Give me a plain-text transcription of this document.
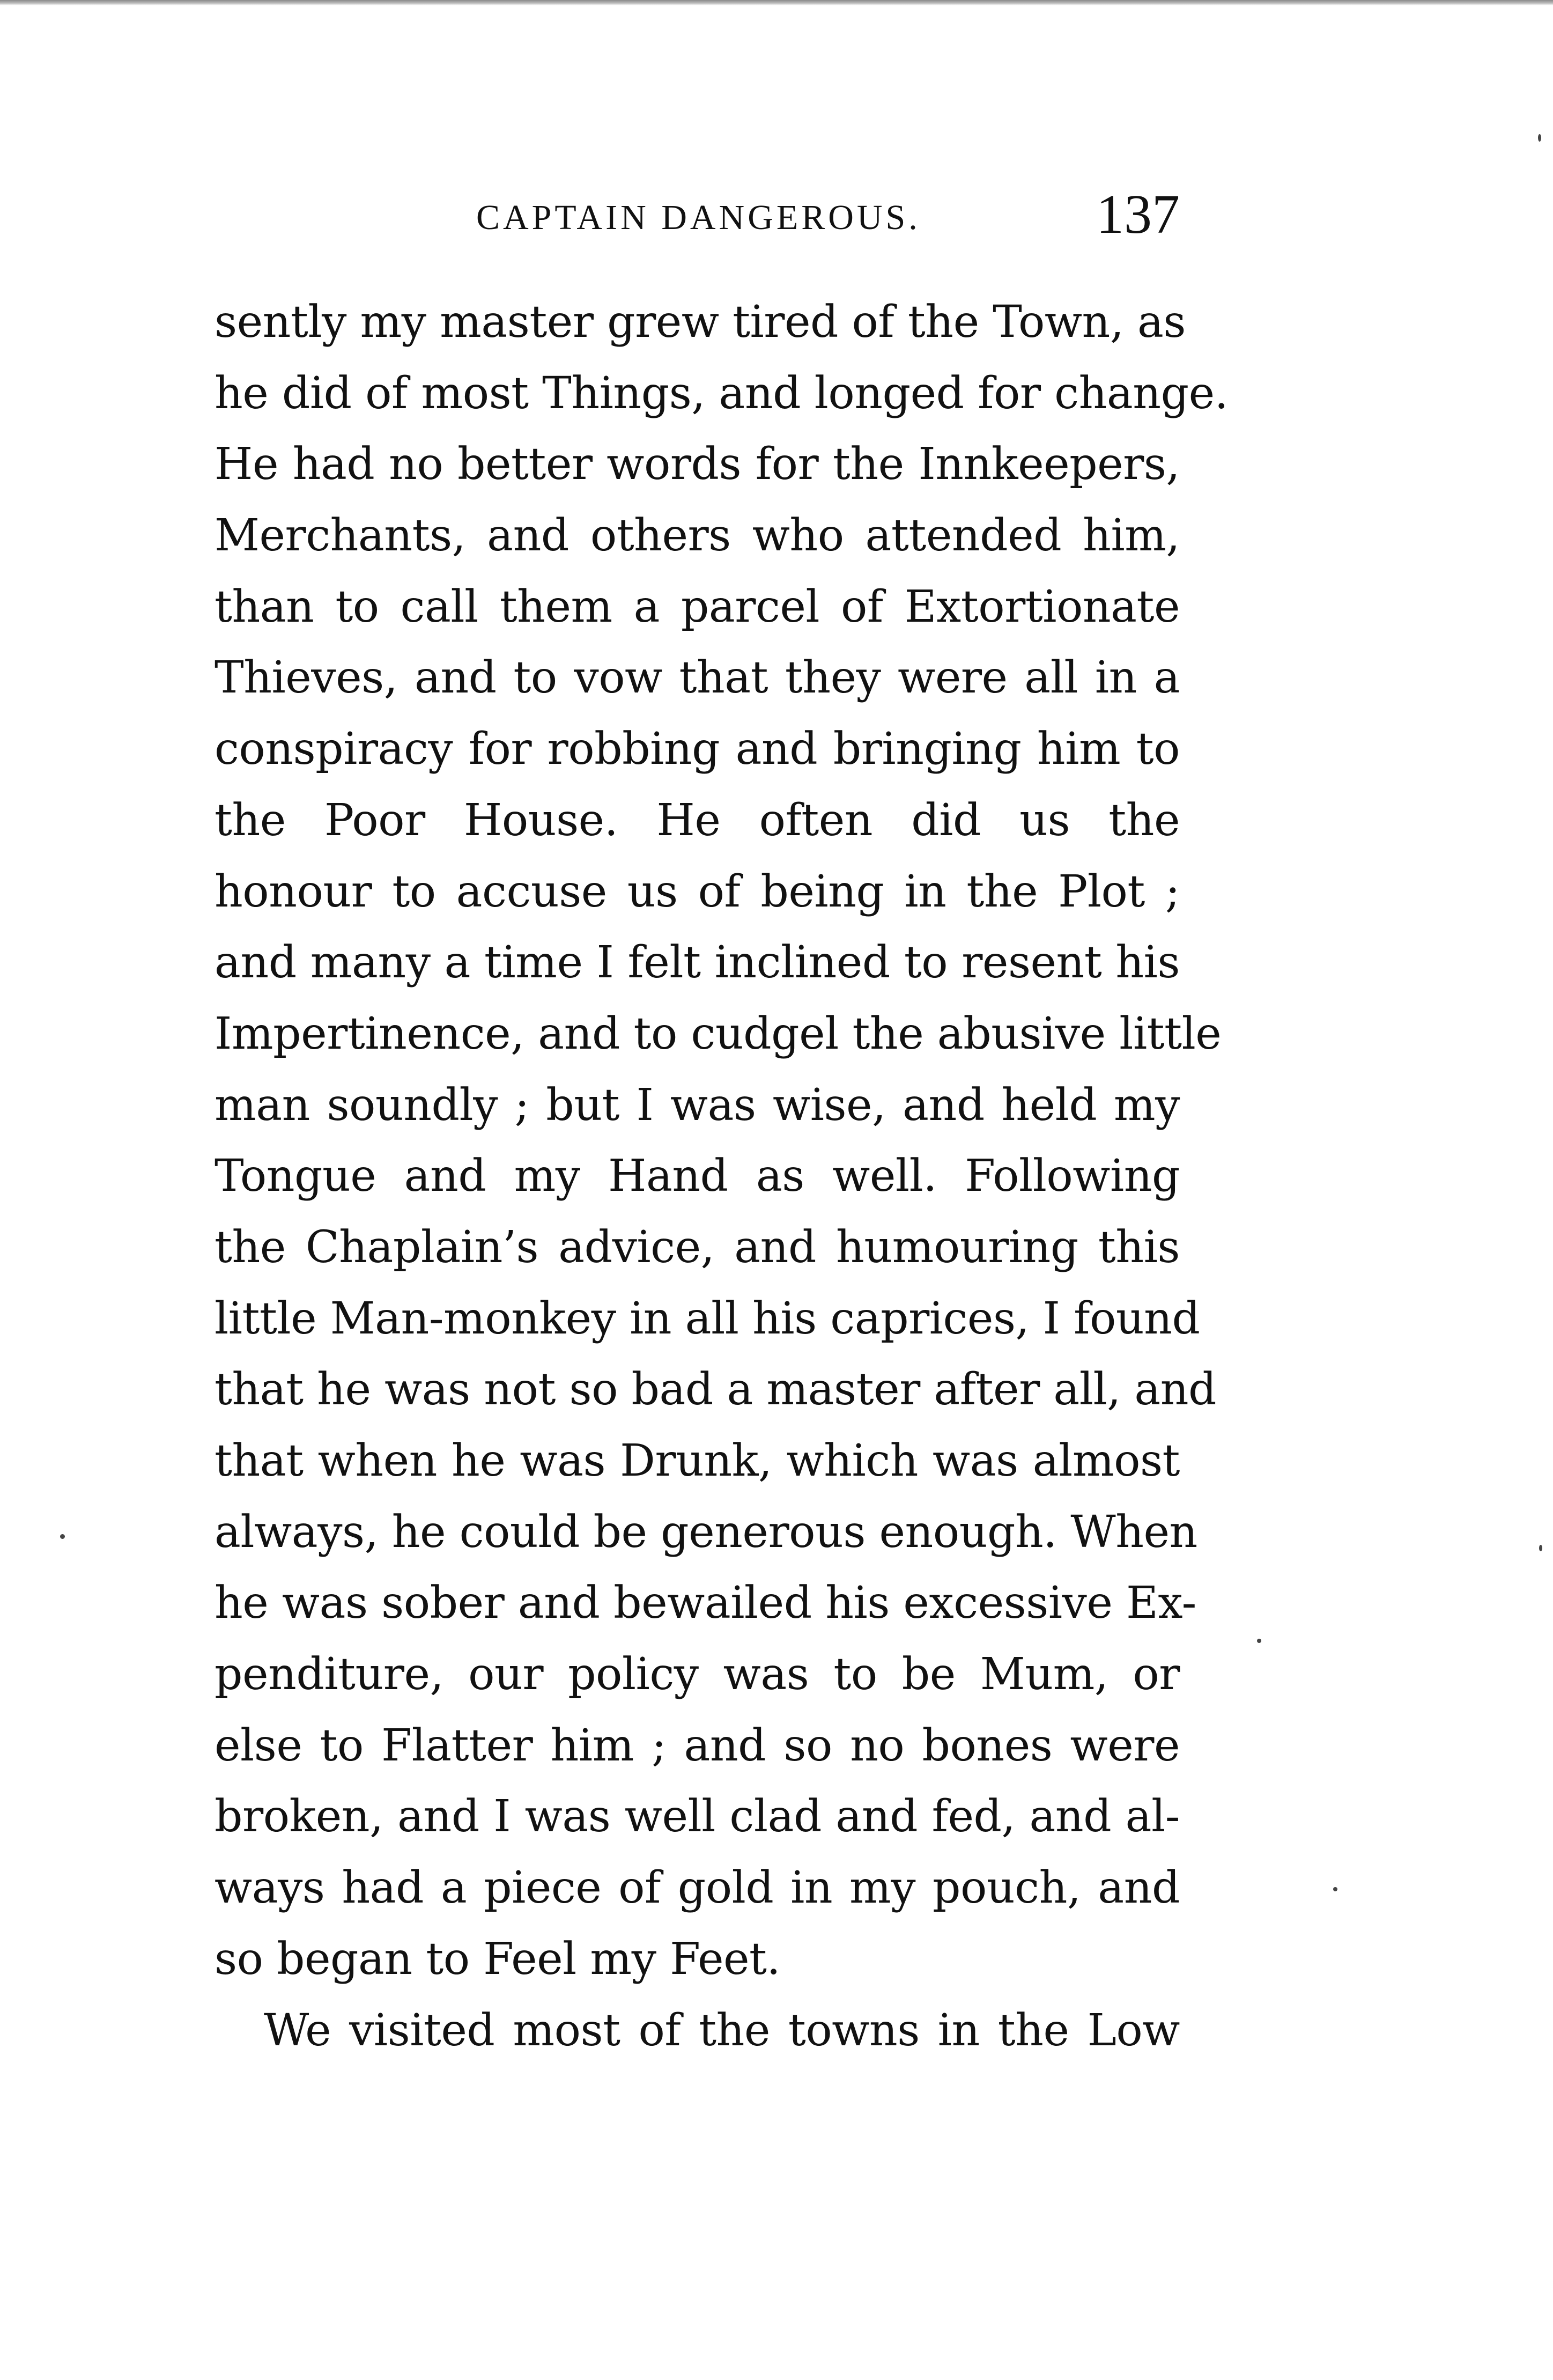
CAPTAIN DANGEROUS.	137
sently my master grew tired of the Town, as
he did of most Things, and longed for change.
He had no better words for the Innkeepers,
Merchants, and others who attended him,
than to call them a parcel of Extortionate
Thieves, and to vow that they were all in a
conspiracy for robbing and bringing him to
the Poor House. He often did us the
honour to accuse us of being in the Plot ;
and many a time I felt inclined to resent his
Impertinence, and to cudgel the abusive little
man soundly ; but I was wise, and held my
Tongue and my Hand as well. Following
the Chaplain’s advice, and humouring this
little Man-monkey in all his caprices, I found
that he was not so bad a master after all, and
that when he was Drunk, which was almost
always, he could be generous enough. When
he was sober and bewailed his excessive Ex-
penditure, our policy was to be Mum, or
else to Flatter him ; and so no bones were
broken, and I was well clad and fed, and al-
ways had a piece of gold in my pouch, and
so began to Feel my Feet.
We visited most of the towns in the Low
